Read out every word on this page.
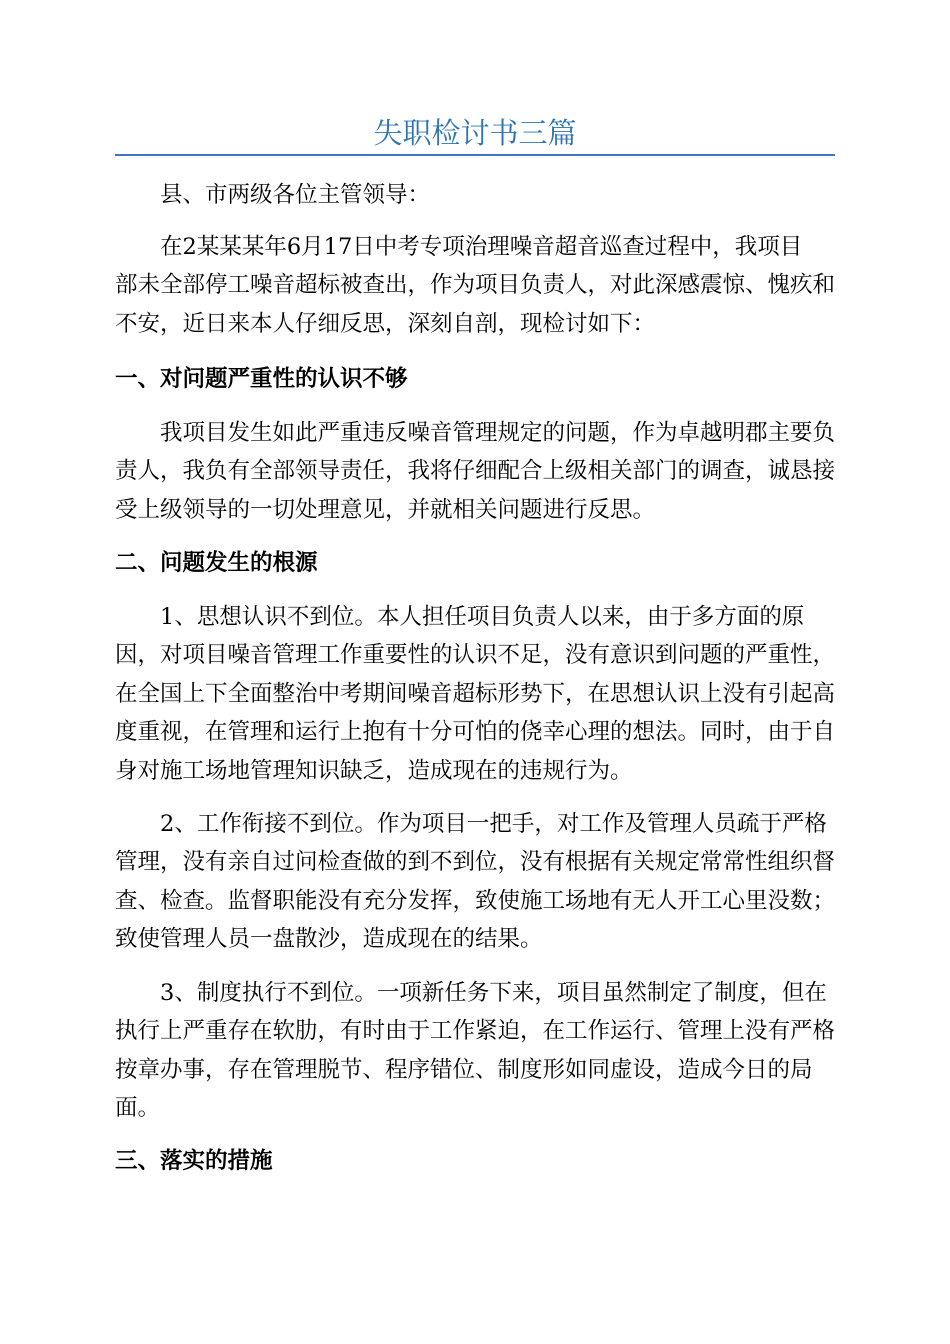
失职检讨书三篇

县、市两级各位主管领导：

在2某某某年6月17日中考专项治理噪音超音巡查过程中，我项目
部未全部停工噪音超标被查出，作为项目负责人，对此深感震惊、愧疚和
不安，近日来本人仔细反思，深刻自剖，现检讨如下：

一、对问题严重性的认识不够

我项目发生如此严重违反噪音管理规定的问题，作为卓越明郡主要负
责人，我负有全部领导责任，我将仔细配合上级相关部门的调查，诚恳接
受上级领导的一切处理意见，并就相关问题进行反思。

二、问题发生的根源

1、思想认识不到位。本人担任项目负责人以来，由于多方面的原
因，对项目噪音管理工作重要性的认识不足，没有意识到问题的严重性，
在全国上下全面整治中考期间噪音超标形势下，在思想认识上没有引起高
度重视，在管理和运行上抱有十分可怕的侥幸心理的想法。同时，由于自
身对施工场地管理知识缺乏，造成现在的违规行为。

2、工作衔接不到位。作为项目一把手，对工作及管理人员疏于严格
管理，没有亲自过问检查做的到不到位，没有根据有关规定常常性组织督
查、检查。监督职能没有充分发挥，致使施工场地有无人开工心里没数；
致使管理人员一盘散沙，造成现在的结果。

3、制度执行不到位。一项新任务下来，项目虽然制定了制度，但在
执行上严重存在软肋，有时由于工作紧迫，在工作运行、管理上没有严格
按章办事，存在管理脱节、程序错位、制度形如同虚设，造成今日的局
面。

三、落实的措施
